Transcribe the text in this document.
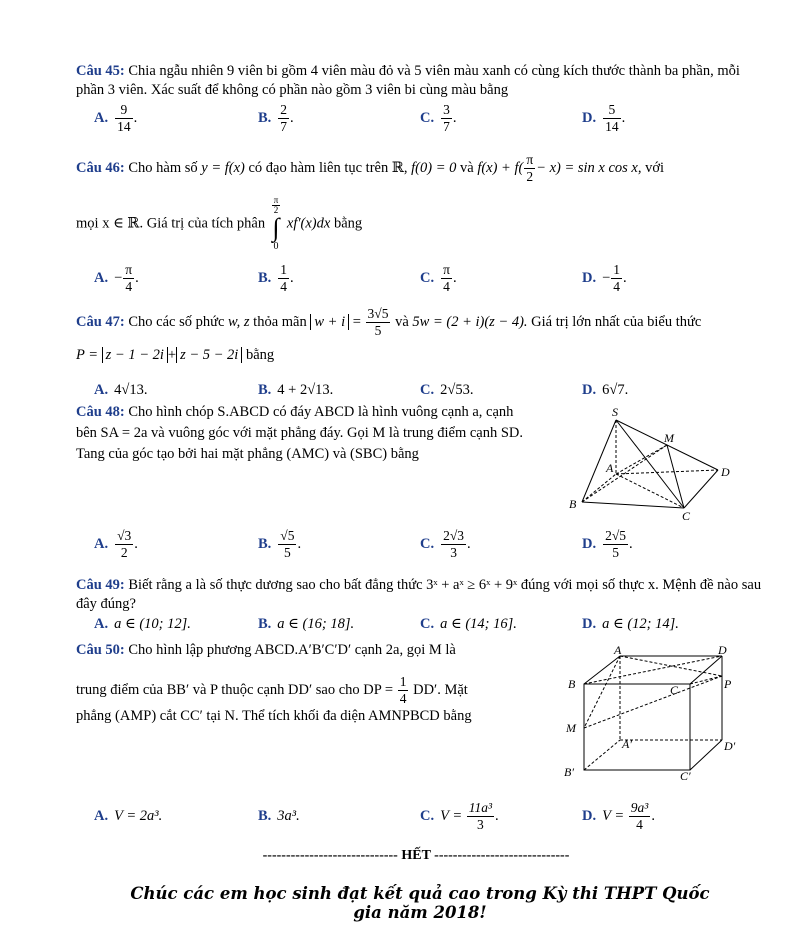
Câu 45: Chia ngẫu nhiên 9 viên bi gồm 4 viên màu đỏ và 5 viên màu xanh có cùng kích thước thành ba phần, mỗi phần 3 viên. Xác suất để không có phần nào gồm 3 viên bi cùng màu bằng
A. $\frac{9}{14}$ .	B. $\frac{2}{7}$ .	C. $\frac{3}{7}$ .	D. $\frac{5}{14}$ .
Câu 46: Cho hàm số y = f(x) có đạo hàm liên tục trên ℝ, f(0) = 0 và $f(x) + f( \frac{\pi}{2} - x) = \sin x$ cos x, với
mọi x ∈ ℝ. Giá trị của tích phân
$\frac{\pi}{2}$
∫
0 xf′(x)dx bằng
A. − $\frac{\pi}{4}$ .	B. $\frac{1}{4}$ .	C. $\frac{\pi}{4}$ .	D. − $\frac{1}{4}$ .
Câu 47: Cho các số phức w, z thỏa mãn $w + i = \frac{3√5}{5}$ và 5w = (2 + i)(z − 4). Giá trị lớn nhất của biểu thức
P = z − 1 − 2i + z − 5 − 2i bằng
A. 4√13.	B. 4 + 2√13.	C. 2√53.	D. 6√7.
Câu 48: Cho hình chóp S.ABCD có đáy ABCD là hình vuông cạnh a, cạnh bên SA = 2a và vuông góc với mặt phẳng đáy. Gọi M là trung điểm cạnh SD. Tang của góc tạo bởi hai mặt phẳng (AMC) và (SBC) bằng
S
M
A	D
B
C
A. $\frac{√3}{2}$ .	B. $\frac{√5}{5}$ .	C. $\frac{2√3}{3}$ .	D. $\frac{2√5}{5}$ .
Câu 49: Biết rằng a là số thực dương sao cho bất đẳng thức 3ˣ + aˣ ≥ 6ˣ + 9ˣ đúng với mọi số thực x. Mệnh đề nào sau đây đúng?
A. a ∈ (10; 12].	B. a ∈ (16; 18].	C. a ∈ (14; 16].	D. a ∈ (12; 14].
Câu 50: Cho hình lập phương ABCD.A′B′C′D′ cạnh 2a, gọi M là
trung điểm của BB′ và P thuộc cạnh DD′ sao cho DP = $\frac{1}{4} DD'$. Mặt
phẳng (AMP) cắt CC′ tại N. Thể tích khối đa diện AMNPBCD bằng
A	D
B	C	P
M
A′	D′
B′	C′
A. V = 2a³.	B. 3a³.	C. $V = \frac{\text{11a³}}{3}$ .	D. $V = \frac{\text{9a³}}{4}$ .
----------------------------- HẾT -----------------------------
Chúc các em học sinh đạt kết quả cao trong Kỳ thi THPT Quốc gia năm 2018!
